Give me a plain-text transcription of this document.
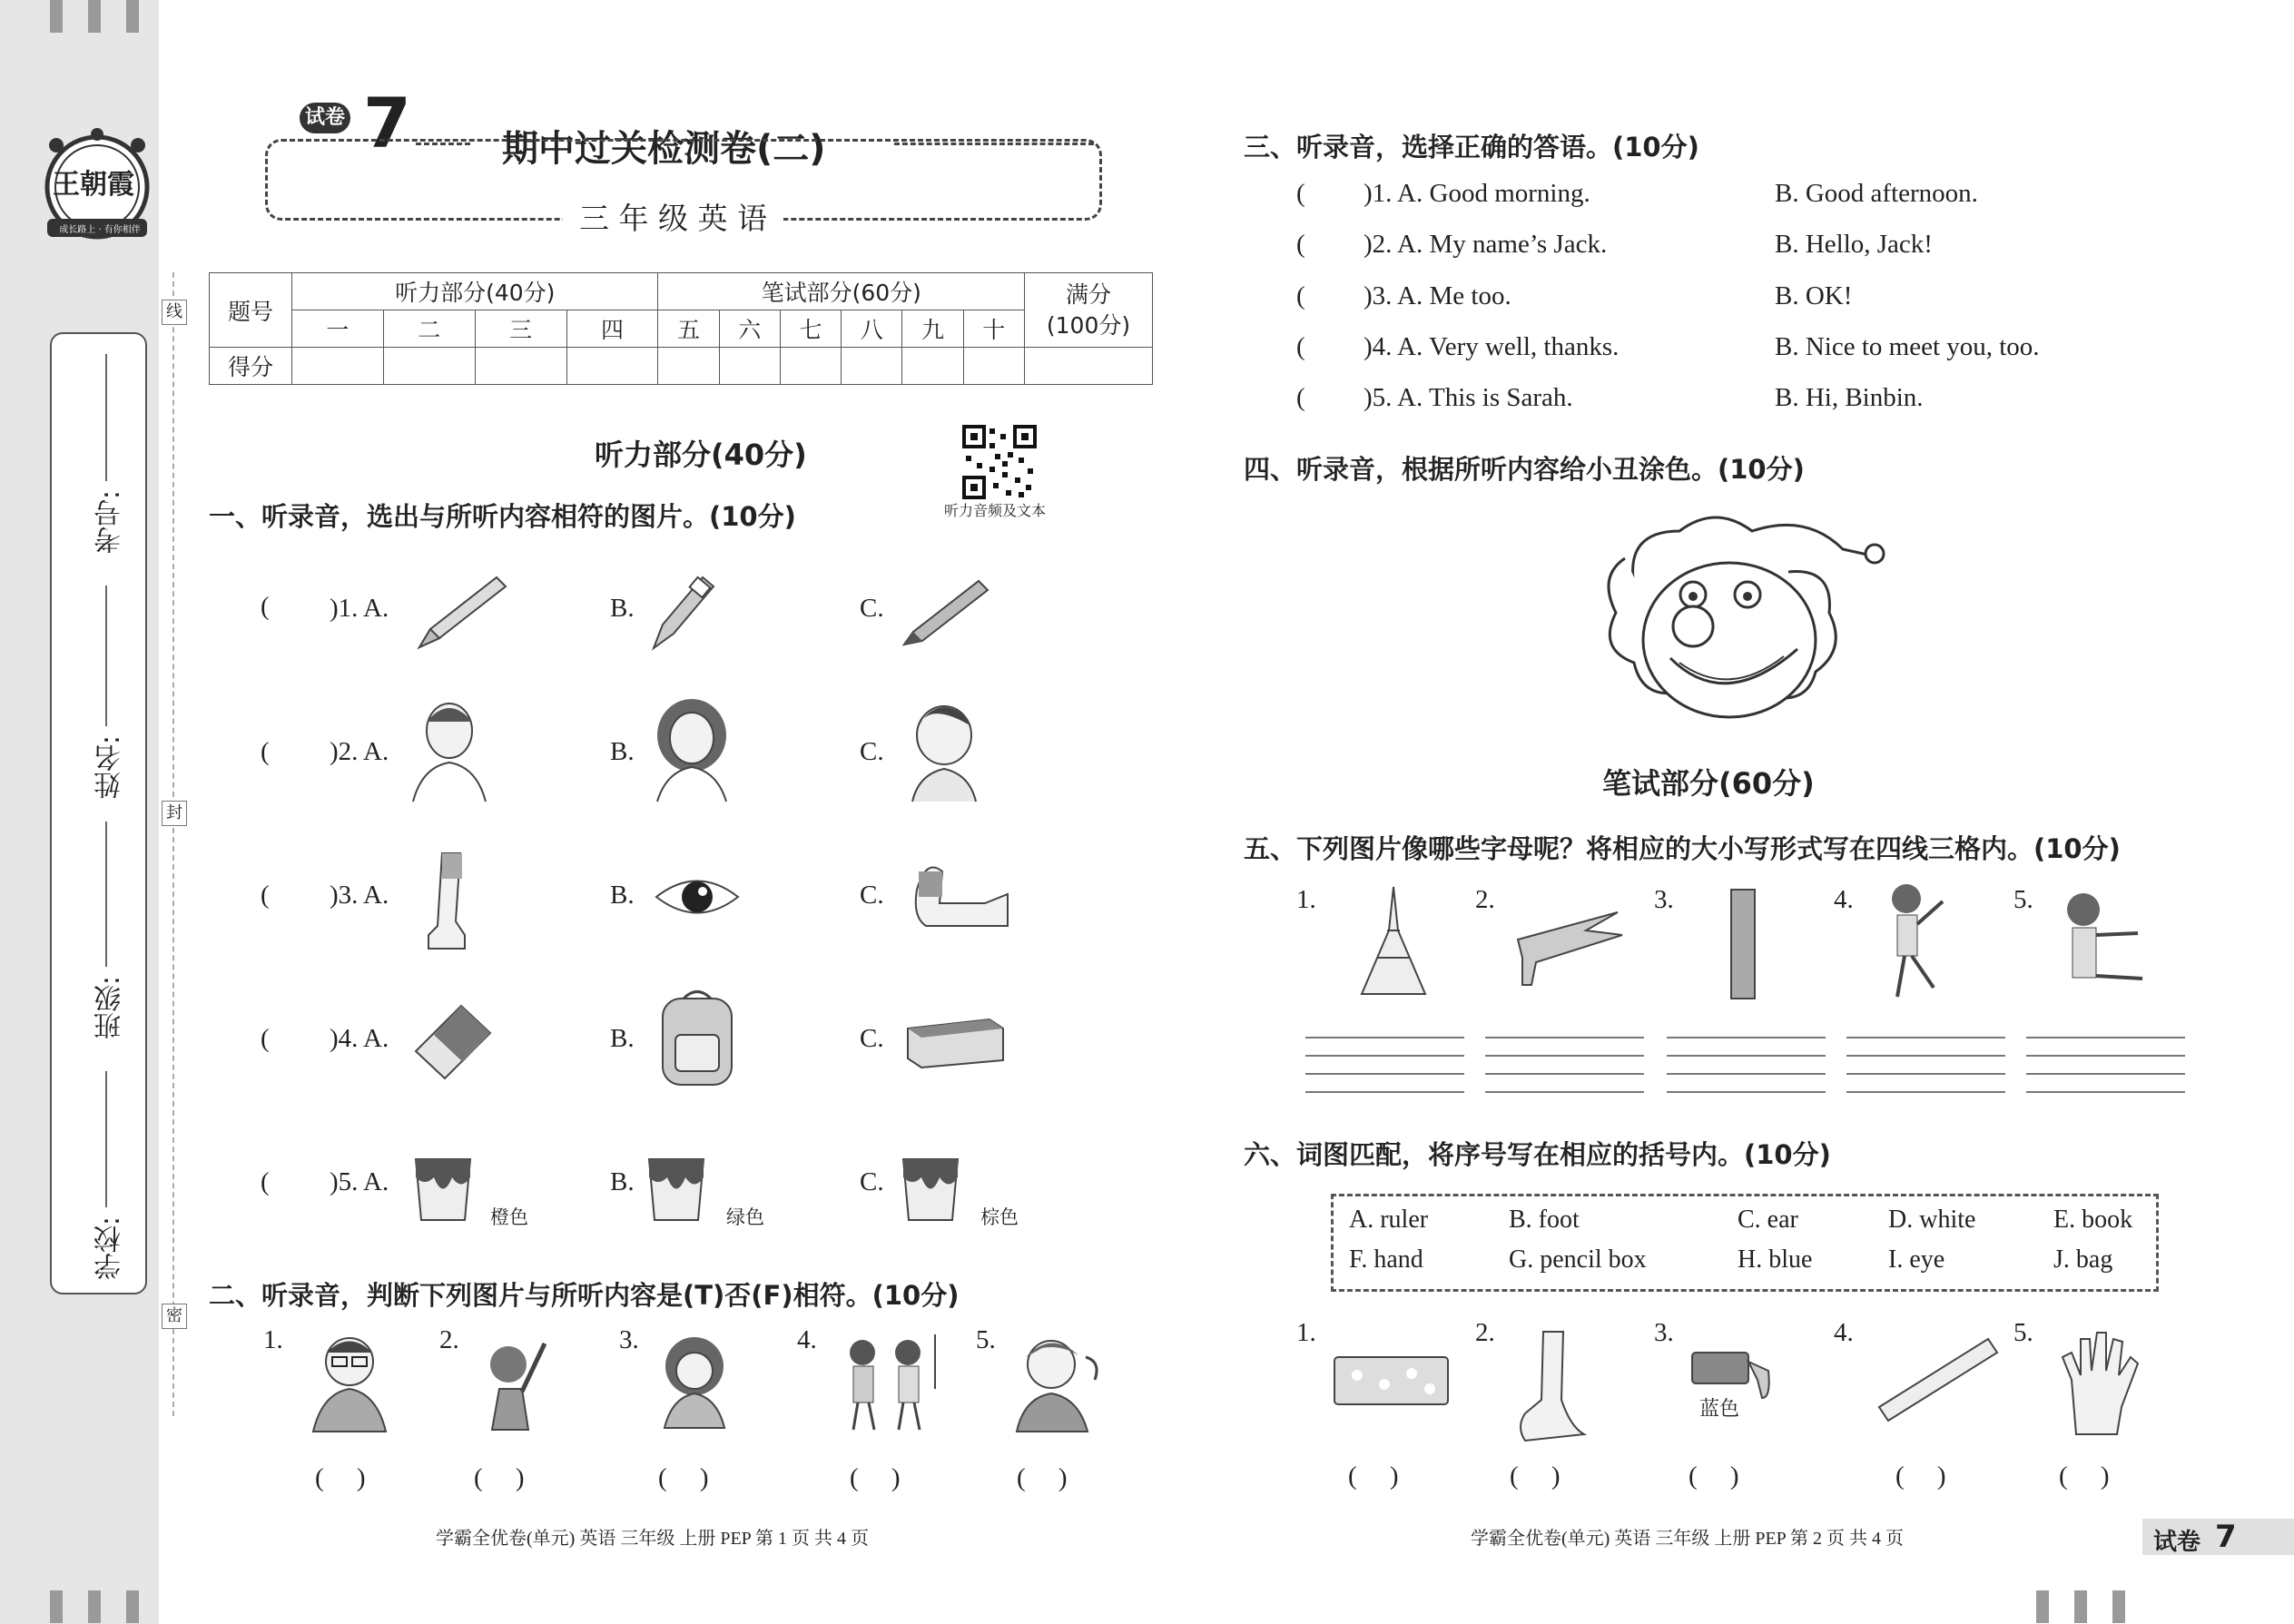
王朝霞
成长路上 · 有你相伴
学校:
班级:
姓名:
考号:
线
封
密
试卷 7	期中过关检测卷(二)
三 年 级 英 语
题号	听力部分(40分)				笔试部分(60分)						满分
(100分)

	一	二	三	四	五	六	七	八	九	十	
得分											
听力部分(40分)
听力音频及文本
一、听录音，选出与所听内容相符的图片。(10分)
( )1. A.	B.	C.
( )2. A.	B.	C.
( )3. A.	B.	C.
( )4. A.	B.	C.
( )5. A.
橙色
B.
绿色
C.
棕色
二、听录音，判断下列图片与所听内容是(T)否(F)相符。(10分)
1.
(     )
2.
(     )
3.
(     )
4.
(     )
5.
(     )
学霸全优卷(单元) 英语 三年级 上册 PEP 第 1 页 共 4 页
三、听录音，选择正确的答语。(10分)
( )1. A. Good morning.	B. Good afternoon.
( )2. A. My name’s Jack.	B. Hello, Jack!
( )3. A. Me too.	B. OK!
( )4. A. Very well, thanks.	B. Nice to meet you, too.
( )5. A. This is Sarah.	B. Hi, Binbin.
四、听录音，根据所听内容给小丑涂色。(10分)
笔试部分(60分)
五、下列图片像哪些字母呢？将相应的大小写形式写在四线三格内。(10分)
1.	2.	3.	4.	5.
六、词图匹配，将序号写在相应的括号内。(10分)
A. ruler	B. foot	C. ear	D. white	E. book
F. hand	G. pencil box	H. blue	I. eye	J. bag
1.
(     )
2.
(     )
3.
蓝色
(     )
4.
(     )
5.
(     )
学霸全优卷(单元) 英语 三年级 上册 PEP 第 2 页 共 4 页	试卷 7
